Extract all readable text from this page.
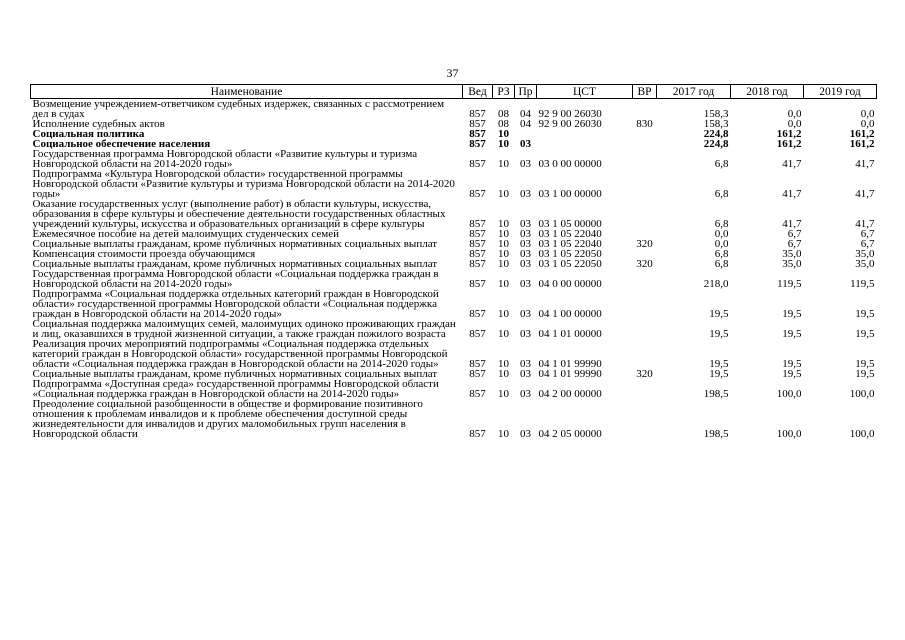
37
Наименование	Вед	РЗ	Пр	ЦСТ	ВР	2017 год	2018 год	2019 год
Возмещение учреждением-ответчиком судебных издержек, связанных с рассмотрением дел в судах	857	08	04	92 9 00 26030		158,3	0,0	0,0
Исполнение судебных актов	857	08	04	92 9 00 26030	830	158,3	0,0	0,0
Социальная политика	857	10				224,8	161,2	161,2
Социальное обеспечение населения	857	10	03			224,8	161,2	161,2
Государственная программа Новгородской области «Развитие культуры и туризма Новгородской области на 2014-2020 годы»	857	10	03	03 0 00 00000		6,8	41,7	41,7
Подпрограмма «Культура Новгородской области» государственной программы Новгородской области «Развитие культуры и туризма Новгородской области на 2014-2020 годы»	857	10	03	03 1 00 00000		6,8	41,7	41,7
Оказание государственных услуг (выполнение работ) в области культуры, искусства, образования в сфере культуры и обеспечение деятельности государственных областных учреждений культуры, искусства и образовательных организаций в сфере культуры	857	10	03	03 1 05 00000		6,8	41,7	41,7
Ежемесячное пособие на детей малоимущих студенческих семей	857	10	03	03 1 05 22040		0,0	6,7	6,7
Социальные выплаты гражданам, кроме публичных нормативных социальных выплат	857	10	03	03 1 05 22040	320	0,0	6,7	6,7
Компенсация стоимости проезда обучающимся	857	10	03	03 1 05 22050		6,8	35,0	35,0
Социальные выплаты гражданам, кроме публичных нормативных социальных выплат	857	10	03	03 1 05 22050	320	6,8	35,0	35,0
Государственная программа Новгородской области «Социальная поддержка граждан в Новгородской области на 2014-2020 годы»	857	10	03	04 0 00 00000		218,0	119,5	119,5
Подпрограмма «Социальная поддержка отдельных категорий граждан в Новгородской области» государственной программы Новгородской области «Социальная поддержка граждан в Новгородской области на 2014-2020 годы»	857	10	03	04 1 00 00000		19,5	19,5	19,5
Социальная поддержка малоимущих семей, малоимущих одиноко проживающих граждан и лиц, оказавшихся в трудной жизненной ситуации, а также граждан пожилого возраста	857	10	03	04 1 01 00000		19,5	19,5	19,5
Реализация прочих мероприятий подпрограммы «Социальная поддержка отдельных категорий граждан в Новгородской области» государственной программы Новгородской области «Социальная поддержка граждан в Новгородской области на 2014-2020 годы»	857	10	03	04 1 01 99990		19,5	19,5	19,5
Социальные выплаты гражданам, кроме публичных нормативных социальных выплат	857	10	03	04 1 01 99990	320	19,5	19,5	19,5
Подпрограмма «Доступная среда» государственной программы Новгородской области «Социальная поддержка граждан в Новгородской области на 2014-2020 годы»	857	10	03	04 2 00 00000		198,5	100,0	100,0
Преодоление социальной разобщенности в обществе и формирование позитивного отношения к проблемам инвалидов и к проблеме обеспечения доступной среды жизнедеятельности для инвалидов и других маломобильных групп населения в Новгородской области	857	10	03	04 2 05 00000		198,5	100,0	100,0
